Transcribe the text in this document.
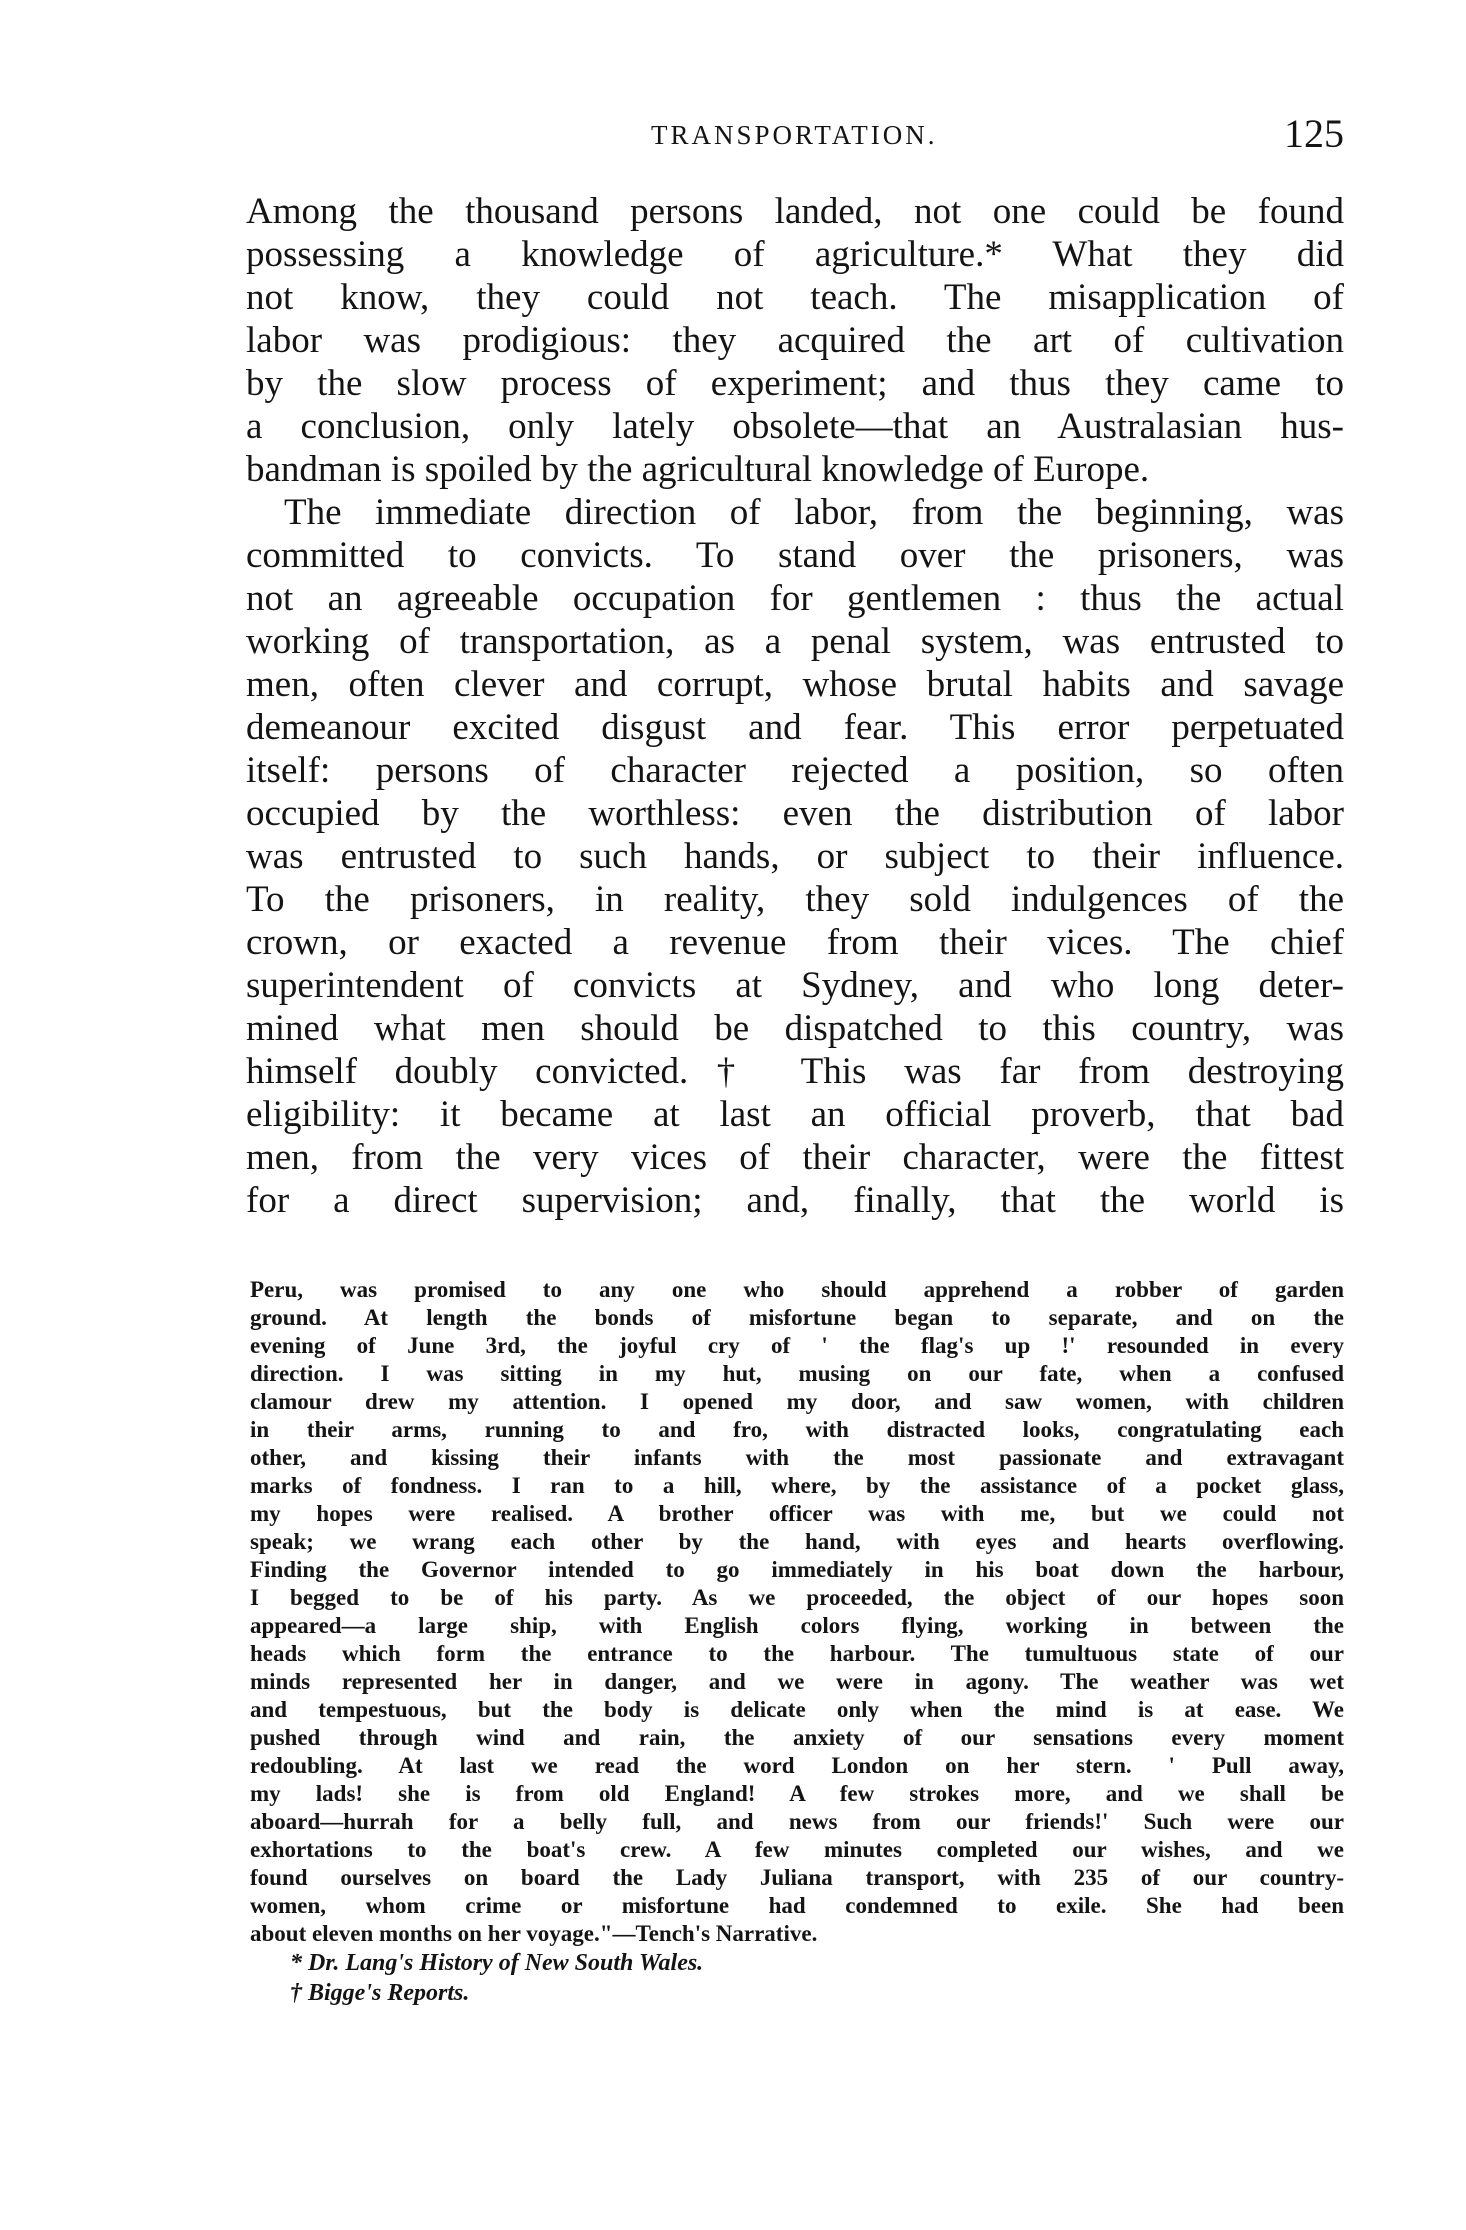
TRANSPORTATION.	125
Among the thousand persons landed, not one could be found
possessing a knowledge of agriculture.* What they did
not know, they could not teach. The misapplication of
labor was prodigious: they acquired the art of cultivation
by the slow process of experiment; and thus they came to
a conclusion, only lately obsolete—that an Australasian hus-
bandman is spoiled by the agricultural knowledge of Europe.
The immediate direction of labor, from the beginning, was
committed to convicts. To stand over the prisoners, was
not an agreeable occupation for gentlemen : thus the actual
working of transportation, as a penal system, was entrusted to
men, often clever and corrupt, whose brutal habits and savage
demeanour excited disgust and fear. This error perpetuated
itself: persons of character rejected a position, so often
occupied by the worthless: even the distribution of labor
was entrusted to such hands, or subject to their influence.
To the prisoners, in reality, they sold indulgences of the
crown, or exacted a revenue from their vices. The chief
superintendent of convicts at Sydney, and who long deter-
mined what men should be dispatched to this country, was
himself doubly convicted.† This was far from destroying
eligibility: it became at last an official proverb, that bad
men, from the very vices of their character, were the fittest
for a direct supervision; and, finally, that the world is
Peru, was promised to any one who should apprehend a robber of garden
ground. At length the bonds of misfortune began to separate, and on the
evening of June 3rd, the joyful cry of ' the flag's up !' resounded in every
direction. I was sitting in my hut, musing on our fate, when a confused
clamour drew my attention. I opened my door, and saw women, with children
in their arms, running to and fro, with distracted looks, congratulating each
other, and kissing their infants with the most passionate and extravagant
marks of fondness. I ran to a hill, where, by the assistance of a pocket glass,
my hopes were realised. A brother officer was with me, but we could not
speak; we wrang each other by the hand, with eyes and hearts overflowing.
Finding the Governor intended to go immediately in his boat down the harbour,
I begged to be of his party. As we proceeded, the object of our hopes soon
appeared—a large ship, with English colors flying, working in between the
heads which form the entrance to the harbour. The tumultuous state of our
minds represented her in danger, and we were in agony. The weather was wet
and tempestuous, but the body is delicate only when the mind is at ease. We
pushed through wind and rain, the anxiety of our sensations every moment
redoubling. At last we read the word London on her stern. ' Pull away,
my lads! she is from old England! A few strokes more, and we shall be
aboard—hurrah for a belly full, and news from our friends!' Such were our
exhortations to the boat's crew. A few minutes completed our wishes, and we
found ourselves on board the Lady Juliana transport, with 235 of our country-
women, whom crime or misfortune had condemned to exile. She had been
about eleven months on her voyage."—Tench's Narrative.
* Dr. Lang's History of New South Wales.
† Bigge's Reports.
